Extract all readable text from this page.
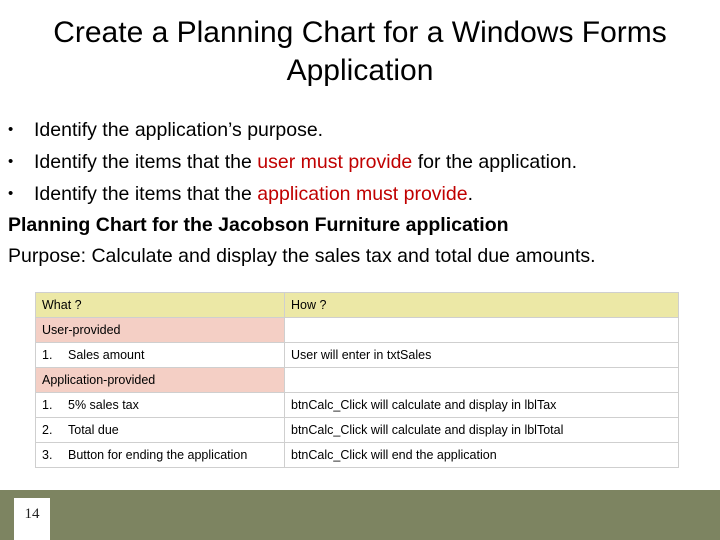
Create a Planning Chart for a Windows Forms Application
• Identify the application’s purpose.
• Identify the items that the user must provide for the application.
• Identify the items that the application must provide.
Planning Chart for the Jacobson Furniture application
Purpose: Calculate and display the sales tax and total due amounts.
What ?	How ?
User-provided	
1. Sales amount	User will enter in txtSales
Application-provided	
1. 5% sales tax	btnCalc_Click will calculate and display in lblTax
2. Total due	btnCalc_Click will calculate and display in lblTotal
3. Button for ending the application	btnCalc_Click will end the application
14
